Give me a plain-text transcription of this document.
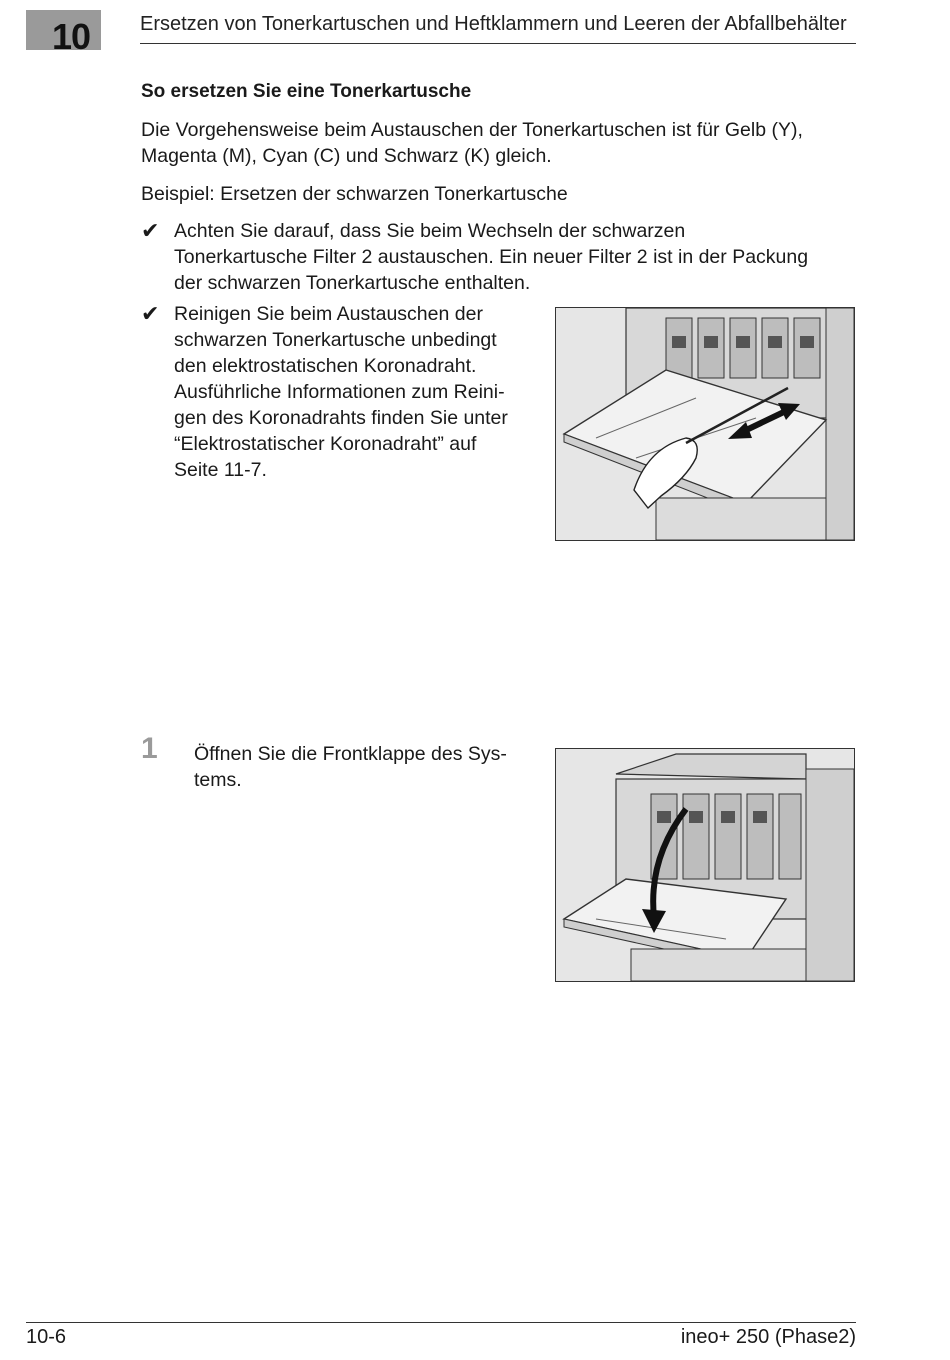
10 Ersetzen von Tonerkartuschen und Heftklammern und Leeren der Abfallbehälter
So ersetzen Sie eine Tonerkartusche
Die Vorgehensweise beim Austauschen der Tonerkartuschen ist für Gelb (Y),
Magenta (M), Cyan (C) und Schwarz (K) gleich.
Beispiel: Ersetzen der schwarzen Tonerkartusche
✔ Achten Sie darauf, dass Sie beim Wechseln der schwarzen
Tonerkartusche Filter 2 austauschen. Ein neuer Filter 2 ist in der Packung
der schwarzen Tonerkartusche enthalten.
✔ Reinigen Sie beim Austauschen der
schwarzen Tonerkartusche unbedingt
den elektrostatischen Koronadraht.
Ausführliche Informationen zum Reini-
gen des Koronadrahts finden Sie unter
“Elektrostatischer Koronadraht” auf
Seite 11-7.
1 Öffnen Sie die Frontklappe des Sys-
tems.
10-6	ineo+ 250 (Phase2)
